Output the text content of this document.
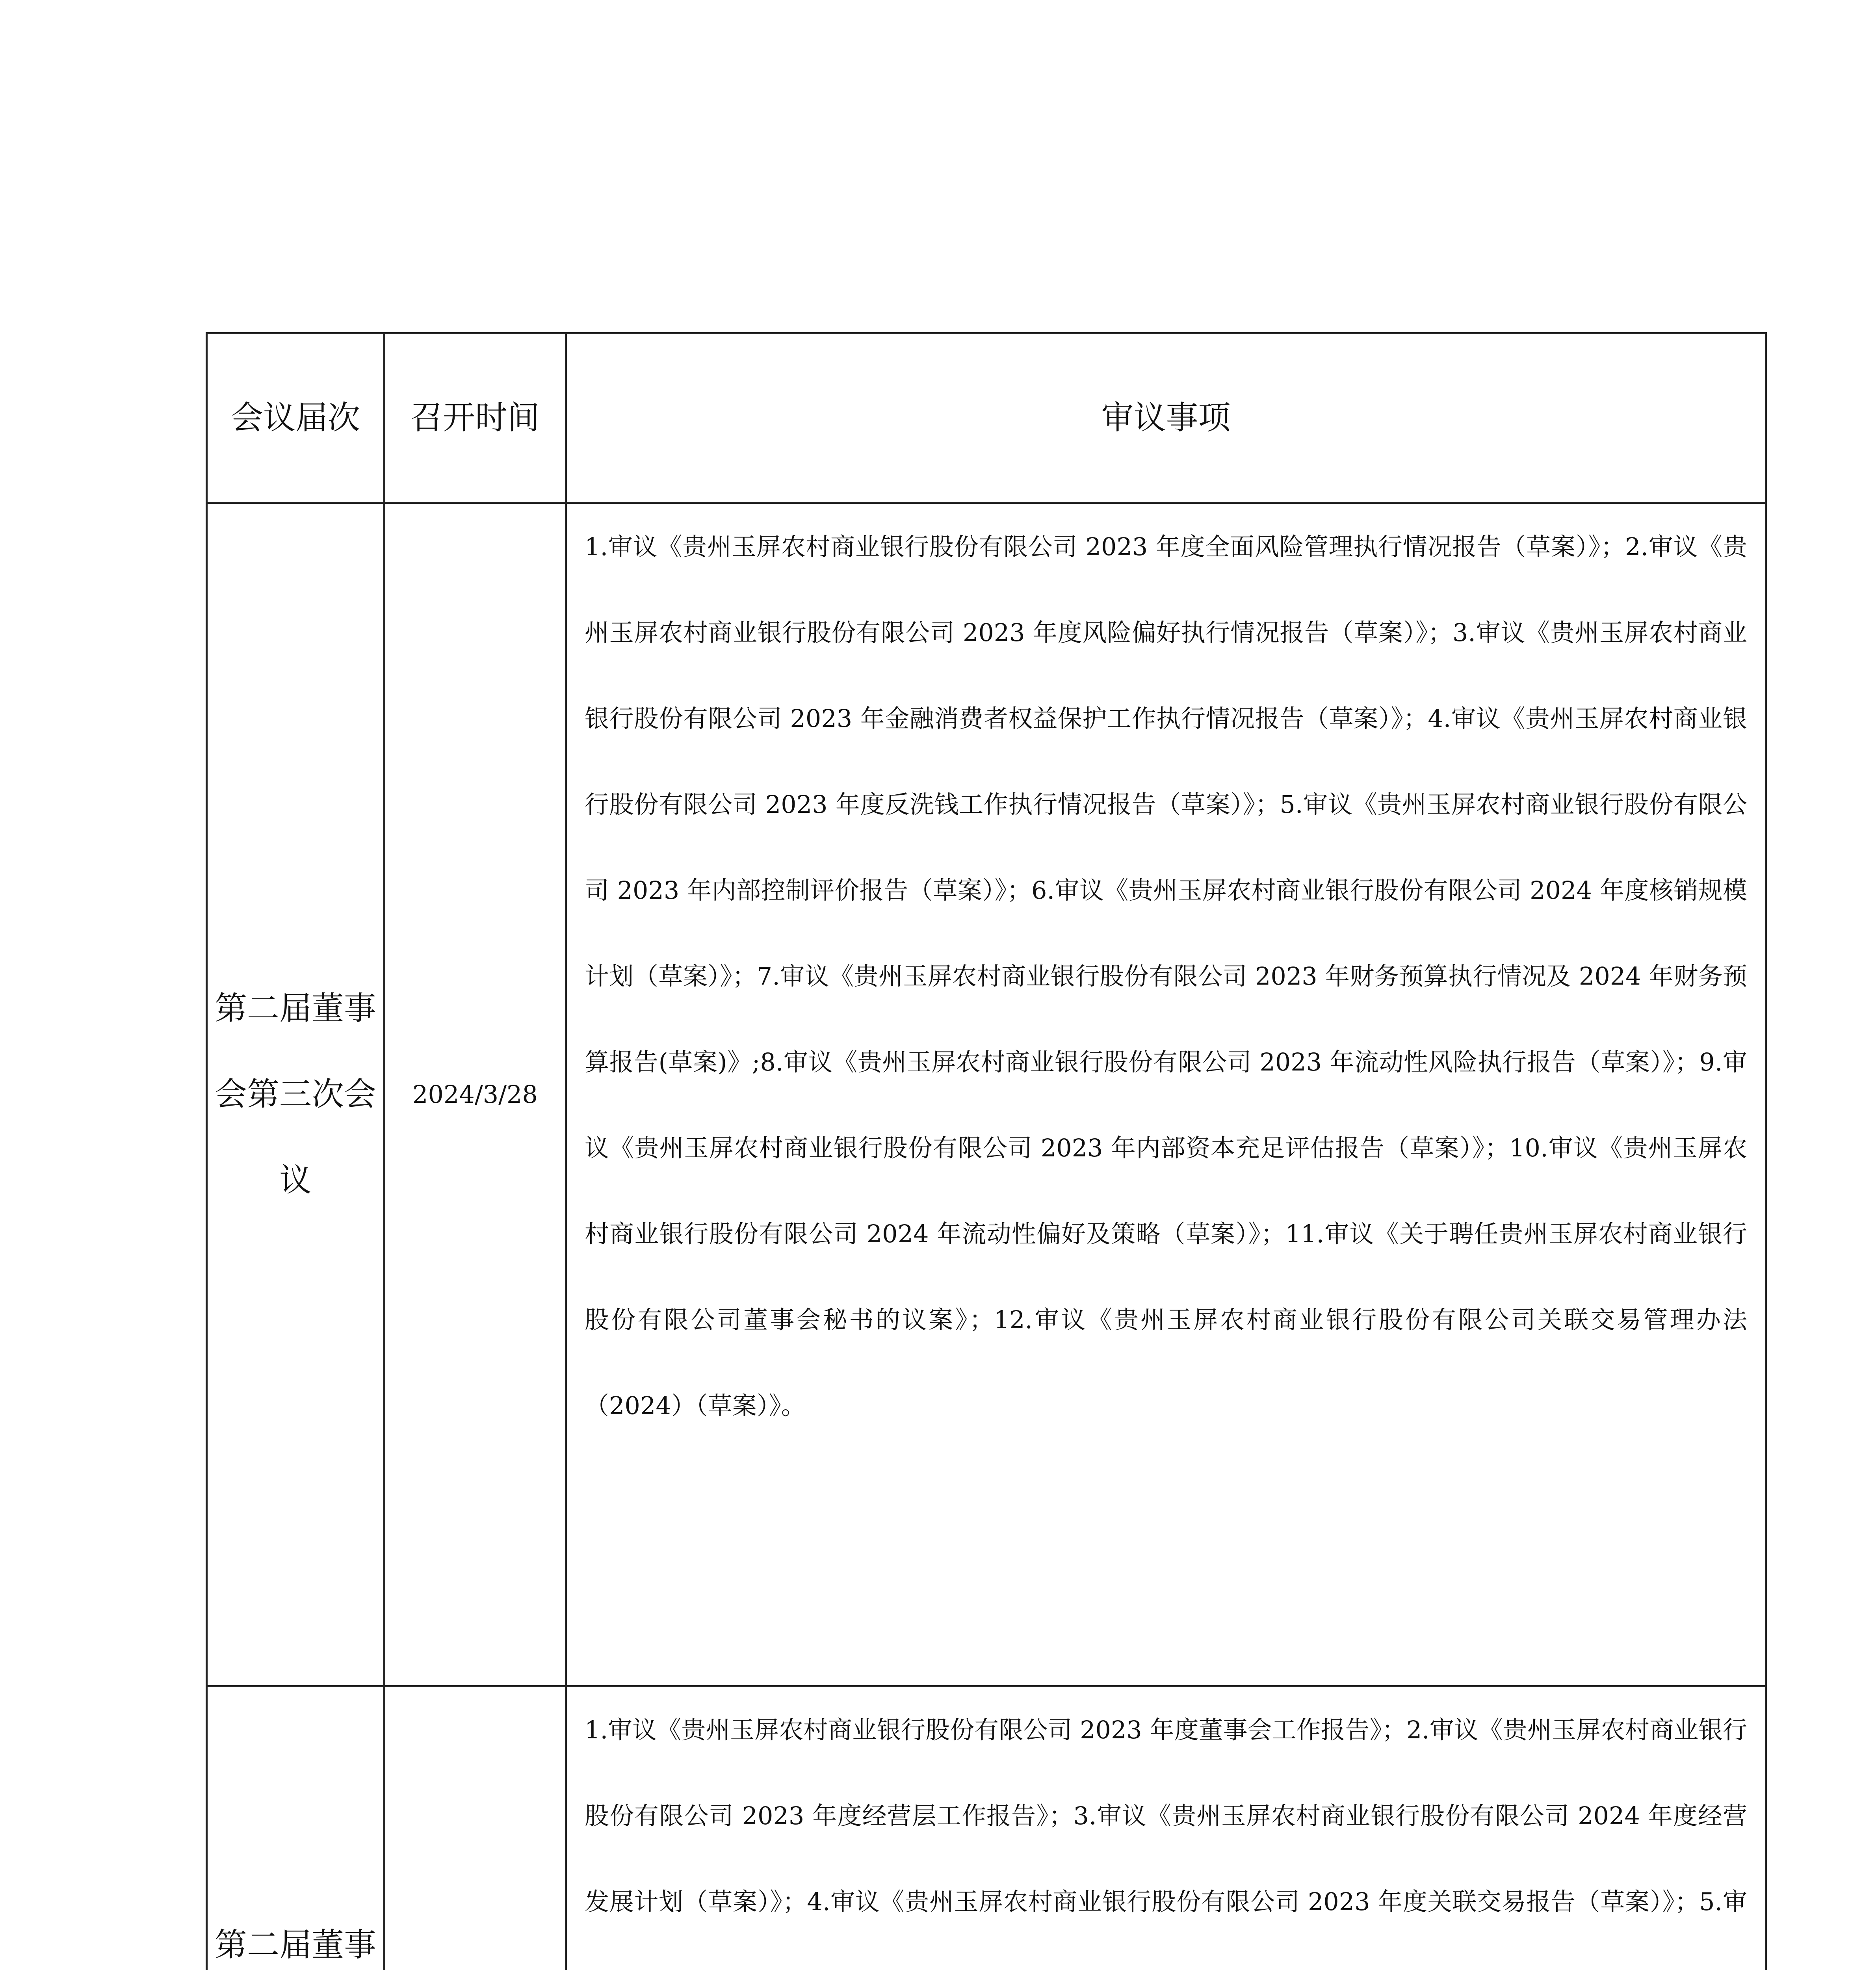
会议届次	召开时间	审议事项
第二届董事会第三次会议	2024/3/28	1.审议《贵州玉屏农村商业银行股份有限公司 2023 年度全面风险管理执行情况报告（草案）》；2.审议《贵州玉屏农村商业银行股份有限公司 2023 年度风险偏好执行情况报告（草案）》；3.审议《贵州玉屏农村商业银行股份有限公司 2023 年金融消费者权益保护工作执行情况报告（草案）》；4.审议《贵州玉屏农村商业银行股份有限公司 2023 年度反洗钱工作执行情况报告（草案）》；5.审议《贵州玉屏农村商业银行股份有限公司 2023 年内部控制评价报告（草案）》；6.审议《贵州玉屏农村商业银行股份有限公司 2024 年度核销规模计划（草案）》；7.审议《贵州玉屏农村商业银行股份有限公司 2023 年财务预算执行情况及 2024 年财务预算报告(草案)》;8.审议《贵州玉屏农村商业银行股份有限公司 2023 年流动性风险执行报告（草案）》；9.审议《贵州玉屏农村商业银行股份有限公司 2023 年内部资本充足评估报告（草案）》；10.审议《贵州玉屏农村商业银行股份有限公司 2024 年流动性偏好及策略（草案）》；11.审议《关于聘任贵州玉屏农村商业银行股份有限公司董事会秘书的议案》；12.审议《贵州玉屏农村商业银行股份有限公司关联交易管理办法（2024）（草案）》。

第二届董事		1.审议《贵州玉屏农村商业银行股份有限公司 2023 年度董事会工作报告》；2.审议《贵州玉屏农村商业银行股份有限公司 2023 年度经营层工作报告》；3.审议《贵州玉屏农村商业银行股份有限公司 2024 年度经营发展计划（草案）》；4.审议《贵州玉屏农村商业银行股份有限公司 2023 年度关联交易报告（草案）》；5.审
